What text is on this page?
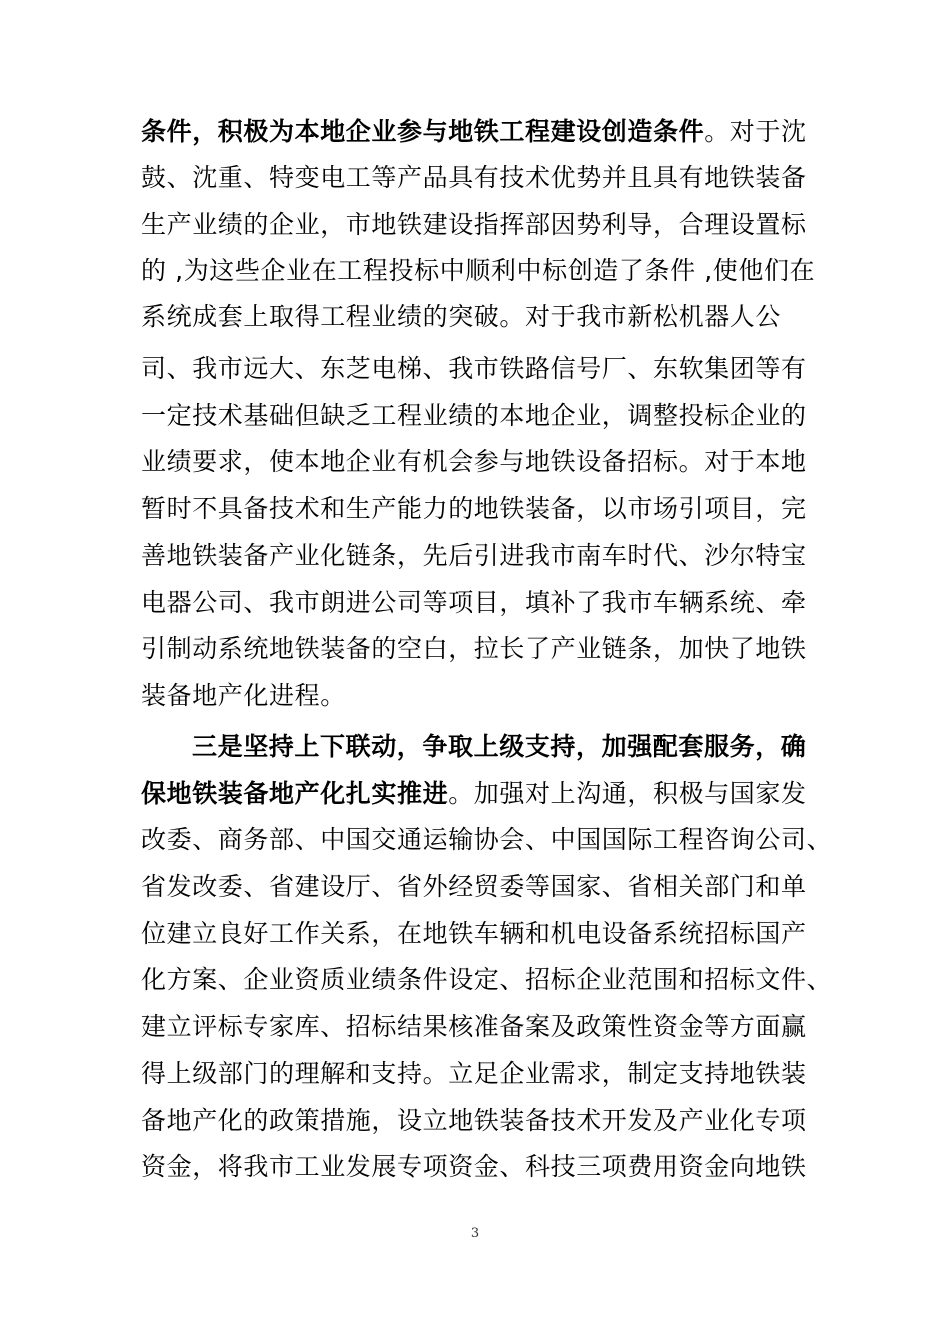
条件，积极为本地企业参与地铁工程建设创造条件。对于沈
鼓、沈重、特变电工等产品具有技术优势并且具有地铁装备
生产业绩的企业，市地铁建设指挥部因势利导，合理设置标
的 ,为这些企业在工程投标中顺利中标创造了条件 ,使他们在
系统成套上取得工程业绩的突破。对于我市新松机器人公
司、我市远大、东芝电梯、我市铁路信号厂、东软集团等有
一定技术基础但缺乏工程业绩的本地企业，调整投标企业的
业绩要求，使本地企业有机会参与地铁设备招标。对于本地
暂时不具备技术和生产能力的地铁装备，以市场引项目，完
善地铁装备产业化链条，先后引进我市南车时代、沙尔特宝
电器公司、我市朗进公司等项目，填补了我市车辆系统、牵
引制动系统地铁装备的空白，拉长了产业链条，加快了地铁
装备地产化进程。
三是坚持上下联动，争取上级支持，加强配套服务，确
保地铁装备地产化扎实推进。加强对上沟通，积极与国家发
改委、商务部、中国交通运输协会、中国国际工程咨询公司、
省发改委、省建设厅、省外经贸委等国家、省相关部门和单
位建立良好工作关系，在地铁车辆和机电设备系统招标国产
化方案、企业资质业绩条件设定、招标企业范围和招标文件、
建立评标专家库、招标结果核准备案及政策性资金等方面赢
得上级部门的理解和支持。立足企业需求，制定支持地铁装
备地产化的政策措施，设立地铁装备技术开发及产业化专项
资金，将我市工业发展专项资金、科技三项费用资金向地铁
3
